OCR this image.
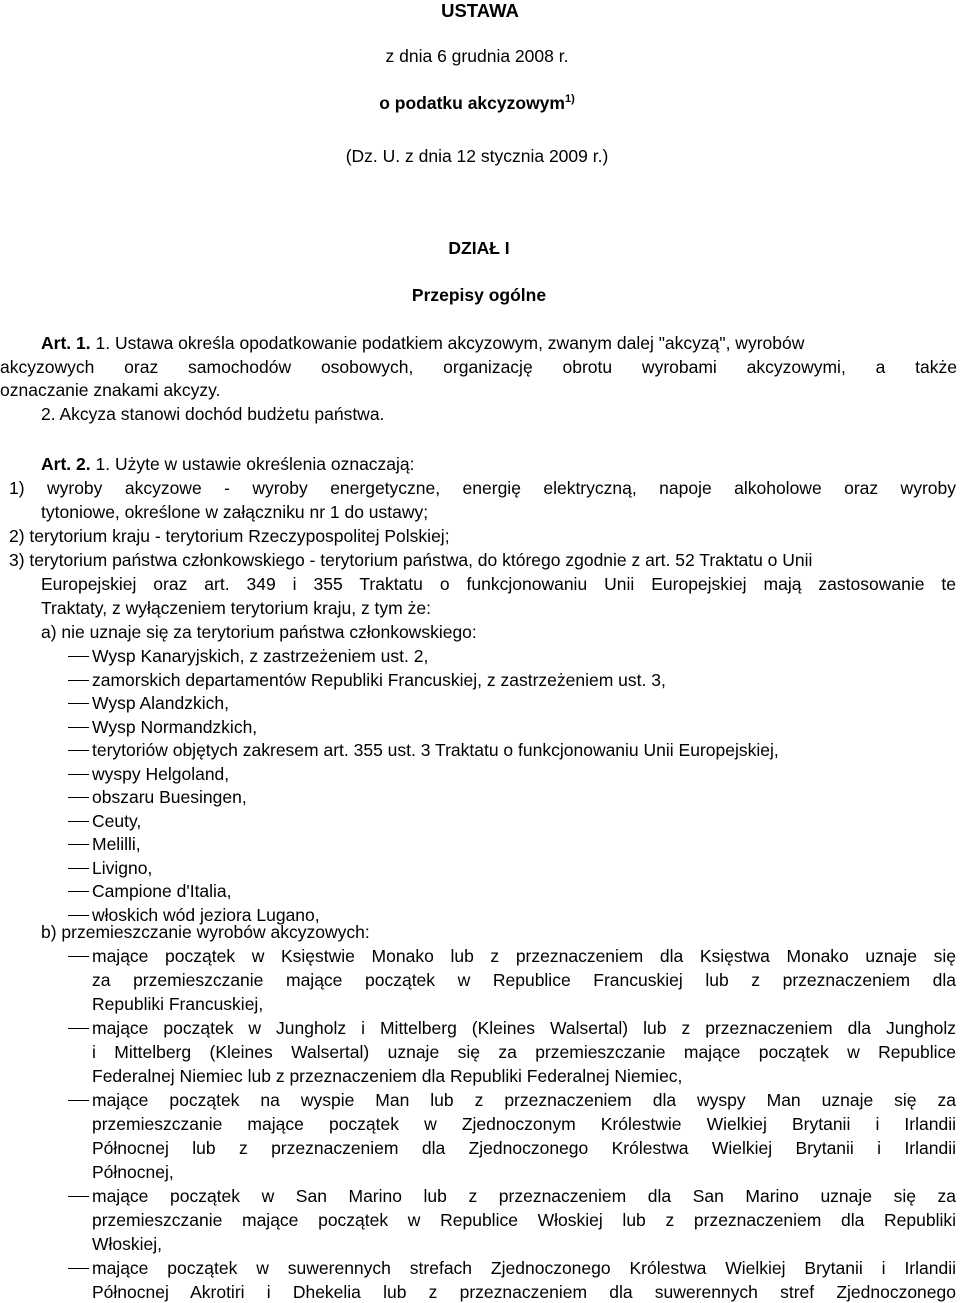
USTAWA
z dnia 6 grudnia 2008 r.
o podatku akcyzowym$^{1)}$
(Dz. U. z dnia 12 stycznia 2009 r.)
DZIAŁ I
Przepisy ogólne
Art. 1. 1. Ustawa określa opodatkowanie podatkiem akcyzowym, zwanym dalej "akcyzą", wyrobów
akcyzowych oraz samochodów osobowych, organizację obrotu wyrobami akcyzowymi, a także
oznaczanie znakami akcyzy.
2. Akcyza stanowi dochód budżetu państwa.
Art. 2. 1. Użyte w ustawie określenia oznaczają:
1) wyroby akcyzowe - wyroby energetyczne, energię elektryczną, napoje alkoholowe oraz wyroby
tytoniowe, określone w załączniku nr 1 do ustawy;
2) terytorium kraju - terytorium Rzeczypospolitej Polskiej;
3) terytorium państwa członkowskiego - terytorium państwa, do którego zgodnie z art. 52 Traktatu o Unii
Europejskiej oraz art. 349 i 355 Traktatu o funkcjonowaniu Unii Europejskiej mają zastosowanie te
Traktaty, z wyłączeniem terytorium kraju, z tym że:
a) nie uznaje się za terytorium państwa członkowskiego:
Wysp Kanaryjskich, z zastrzeżeniem ust. 2,
zamorskich departamentów Republiki Francuskiej, z zastrzeżeniem ust. 3,
Wysp Alandzkich,
Wysp Normandzkich,
terytoriów objętych zakresem art. 355 ust. 3 Traktatu o funkcjonowaniu Unii Europejskiej,
wyspy Helgoland,
obszaru Buesingen,
Ceuty,
Melilli,
Livigno,
Campione d'Italia,
włoskich wód jeziora Lugano,
b) przemieszczanie wyrobów akcyzowych:
mające początek w Księstwie Monako lub z przeznaczeniem dla Księstwa Monako uznaje się
za przemieszczanie mające początek w Republice Francuskiej lub z przeznaczeniem dla
Republiki Francuskiej,
mające początek w Jungholz i Mittelberg (Kleines Walsertal) lub z przeznaczeniem dla Jungholz
i Mittelberg (Kleines Walsertal) uznaje się za przemieszczanie mające początek w Republice
Federalnej Niemiec lub z przeznaczeniem dla Republiki Federalnej Niemiec,
mające początek na wyspie Man lub z przeznaczeniem dla wyspy Man uznaje się za
przemieszczanie mające początek w Zjednoczonym Królestwie Wielkiej Brytanii i Irlandii
Północnej lub z przeznaczeniem dla Zjednoczonego Królestwa Wielkiej Brytanii i Irlandii
Północnej,
mające początek w San Marino lub z przeznaczeniem dla San Marino uznaje się za
przemieszczanie mające początek w Republice Włoskiej lub z przeznaczeniem dla Republiki
Włoskiej,
mające początek w suwerennych strefach Zjednoczonego Królestwa Wielkiej Brytanii i Irlandii
Północnej Akrotiri i Dhekelia lub z przeznaczeniem dla suwerennych stref Zjednoczonego
